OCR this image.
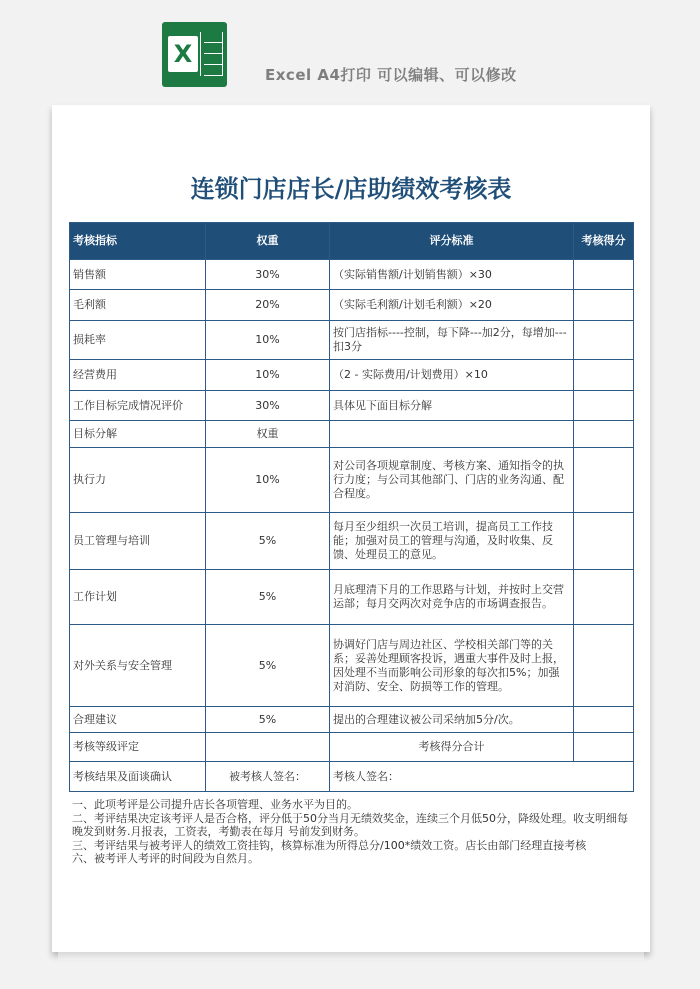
X
Excel A4打印 可以编辑、可以修改
连锁门店店长/店助绩效考核表
考核指标	权重	评分标准	考核得分
销售额	30%	（实际销售额/计划销售额）×30	
毛利额	20%	（实际毛利额/计划毛利额）×20	
损耗率	10%	按门店指标----控制，每下降---加2分，每增加---扣3分	
经营费用	10%	（2 - 实际费用/计划费用）×10	
工作目标完成情况评价	30%	具体见下面目标分解	
目标分解	权重		
执行力	10%	对公司各项规章制度、考核方案、通知指令的执行力度；与公司其他部门、门店的业务沟通、配合程度。	
员工管理与培训	5%	每月至少组织一次员工培训，提高员工工作技能；加强对员工的管理与沟通，及时收集、反馈、处理员工的意见。	
工作计划	5%	月底理清下月的工作思路与计划，并按时上交营运部；每月交两次对竞争店的市场调查报告。	
对外关系与安全管理	5%	协调好门店与周边社区、学校相关部门等的关系；妥善处理顾客投诉，遇重大事件及时上报，因处理不当而影响公司形象的每次扣5%；加强对消防、安全、防损等工作的管理。	
合理建议	5%	提出的合理建议被公司采纳加5分/次。	
考核等级评定		考核得分合计	
考核结果及面谈确认	被考核人签名：	考核人签名：	

一、此项考评是公司提升店长各项管理、业务水平为目的。

二、考评结果决定该考评人是否合格，评分低于50分当月无绩效奖金，连续三个月低50分，降级处理。收支明细每晚发到财务.月报表，工资表，考勤表在每月 号前发到财务。

三、考评结果与被考评人的绩效工资挂钩，核算标准为所得总分/100*绩效工资。店长由部门经理直接考核

六、被考评人考评的时间段为自然月。
